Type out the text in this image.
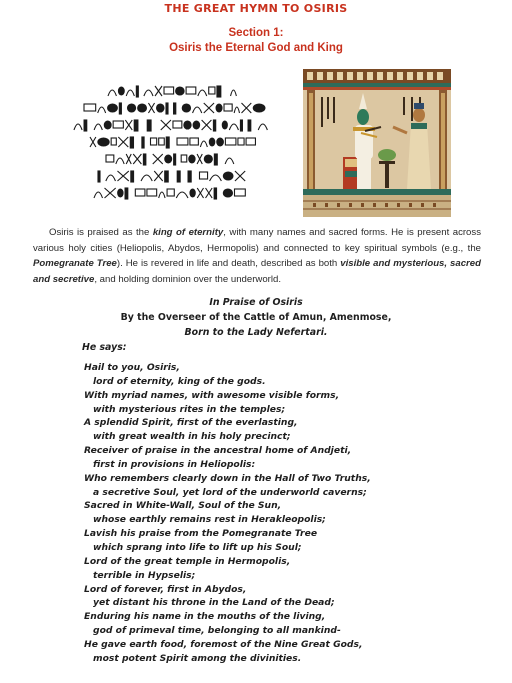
THE GREAT HYMN TO OSIRIS
Section 1:
Osiris the Eternal God and King

Osiris is praised as the king of eternity, with many names and sacred forms. He is present across various holy cities (Heliopolis, Abydos, Hermopolis) and connected to key spiritual symbols (e.g., the Pomegranate Tree). He is revered in life and death, described as both visible and mysterious, sacred and secretive, and holding dominion over the underworld.

In Praise of Osiris
By the Overseer of the Cattle of Amun, Amenmose,
Born to the Lady Nefertari.
He says:
Hail to you, Osiris,
lord of eternity, king of the gods.
With myriad names, with awesome visible forms,
with mysterious rites in the temples;
A splendid Spirit, first of the everlasting,
with great wealth in his holy precinct;
Receiver of praise in the ancestral home of Andjeti,
first in provisions in Heliopolis:
Who remembers clearly down in the Hall of Two Truths,
a secretive Soul, yet lord of the underworld caverns;
Sacred in White-Wall, Soul of the Sun,
whose earthly remains rest in Herakleopolis;
Lavish his praise from the Pomegranate Tree
which sprang into life to lift up his Soul;
Lord of the great temple in Hermopolis,
terrible in Hypselis;
Lord of forever, first in Abydos,
yet distant his throne in the Land of the Dead;
Enduring his name in the mouths of the living,
god of primeval time, belonging to all mankind-
He gave earth food, foremost of the Nine Great Gods,
most potent Spirit among the divinities.
